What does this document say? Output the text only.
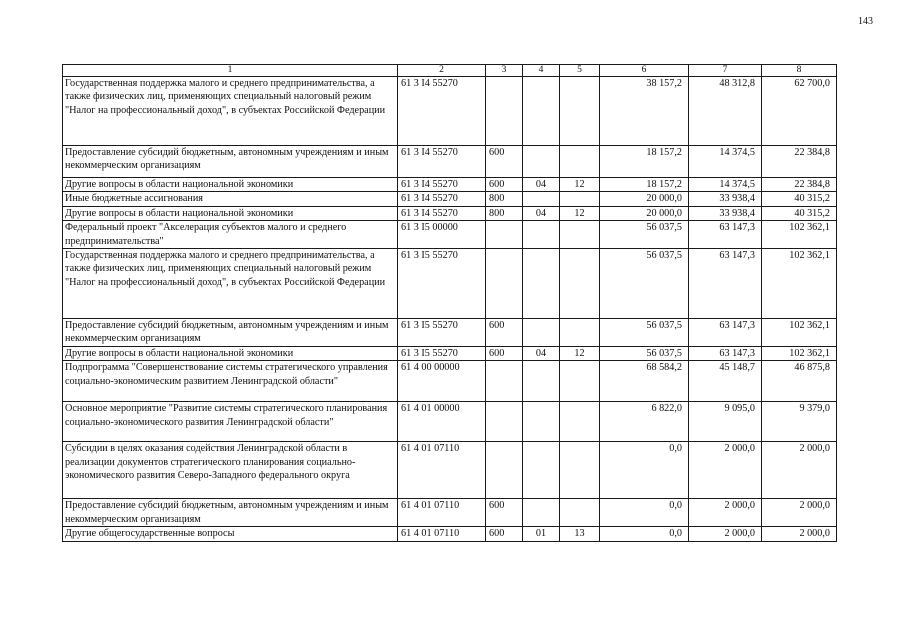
143
1	2	3	4	5	6	7	8
Государственная поддержка малого и среднего предпринимательства, а также физических лиц, применяющих специальный налоговый режим "Налог на профессиональный доход", в субъектах Российской Федерации	61 3 I4 55270				38 157,2	48 312,8	62 700,0
Предоставление субсидий бюджетным, автономным учреждениям и иным некоммерческим организациям	61 3 I4 55270	600			18 157,2	14 374,5	22 384,8
Другие вопросы в области национальной экономики	61 3 I4 55270	600	04	12	18 157,2	14 374,5	22 384,8
Иные бюджетные ассигнования	61 3 I4 55270	800			20 000,0	33 938,4	40 315,2
Другие вопросы в области национальной экономики	61 3 I4 55270	800	04	12	20 000,0	33 938,4	40 315,2
Федеральный проект "Акселерация субъектов малого и среднего предпринимательства"	61 3 I5 00000				56 037,5	63 147,3	102 362,1
Государственная поддержка малого и среднего предпринимательства, а также физических лиц, применяющих специальный налоговый режим "Налог на профессиональный доход", в субъектах Российской Федерации	61 3 I5 55270				56 037,5	63 147,3	102 362,1
Предоставление субсидий бюджетным, автономным учреждениям и иным некоммерческим организациям	61 3 I5 55270	600			56 037,5	63 147,3	102 362,1
Другие вопросы в области национальной экономики	61 3 I5 55270	600	04	12	56 037,5	63 147,3	102 362,1
Подпрограмма "Совершенствование системы стратегического управления социально-экономическим развитием Ленинградской области"	61 4 00 00000				68 584,2	45 148,7	46 875,8
Основное мероприятие "Развитие системы стратегического планирования социально-экономического развития Ленинградской области"	61 4 01 00000				6 822,0	9 095,0	9 379,0
Субсидии в целях оказания содействия Ленинградской области в реализации документов стратегического планирования социально-экономического развития Северо-Западного федерального округа	61 4 01 07110				0,0	2 000,0	2 000,0
Предоставление субсидий бюджетным, автономным учреждениям и иным некоммерческим организациям	61 4 01 07110	600			0,0	2 000,0	2 000,0
Другие общегосударственные вопросы	61 4 01 07110	600	01	13	0,0	2 000,0	2 000,0
